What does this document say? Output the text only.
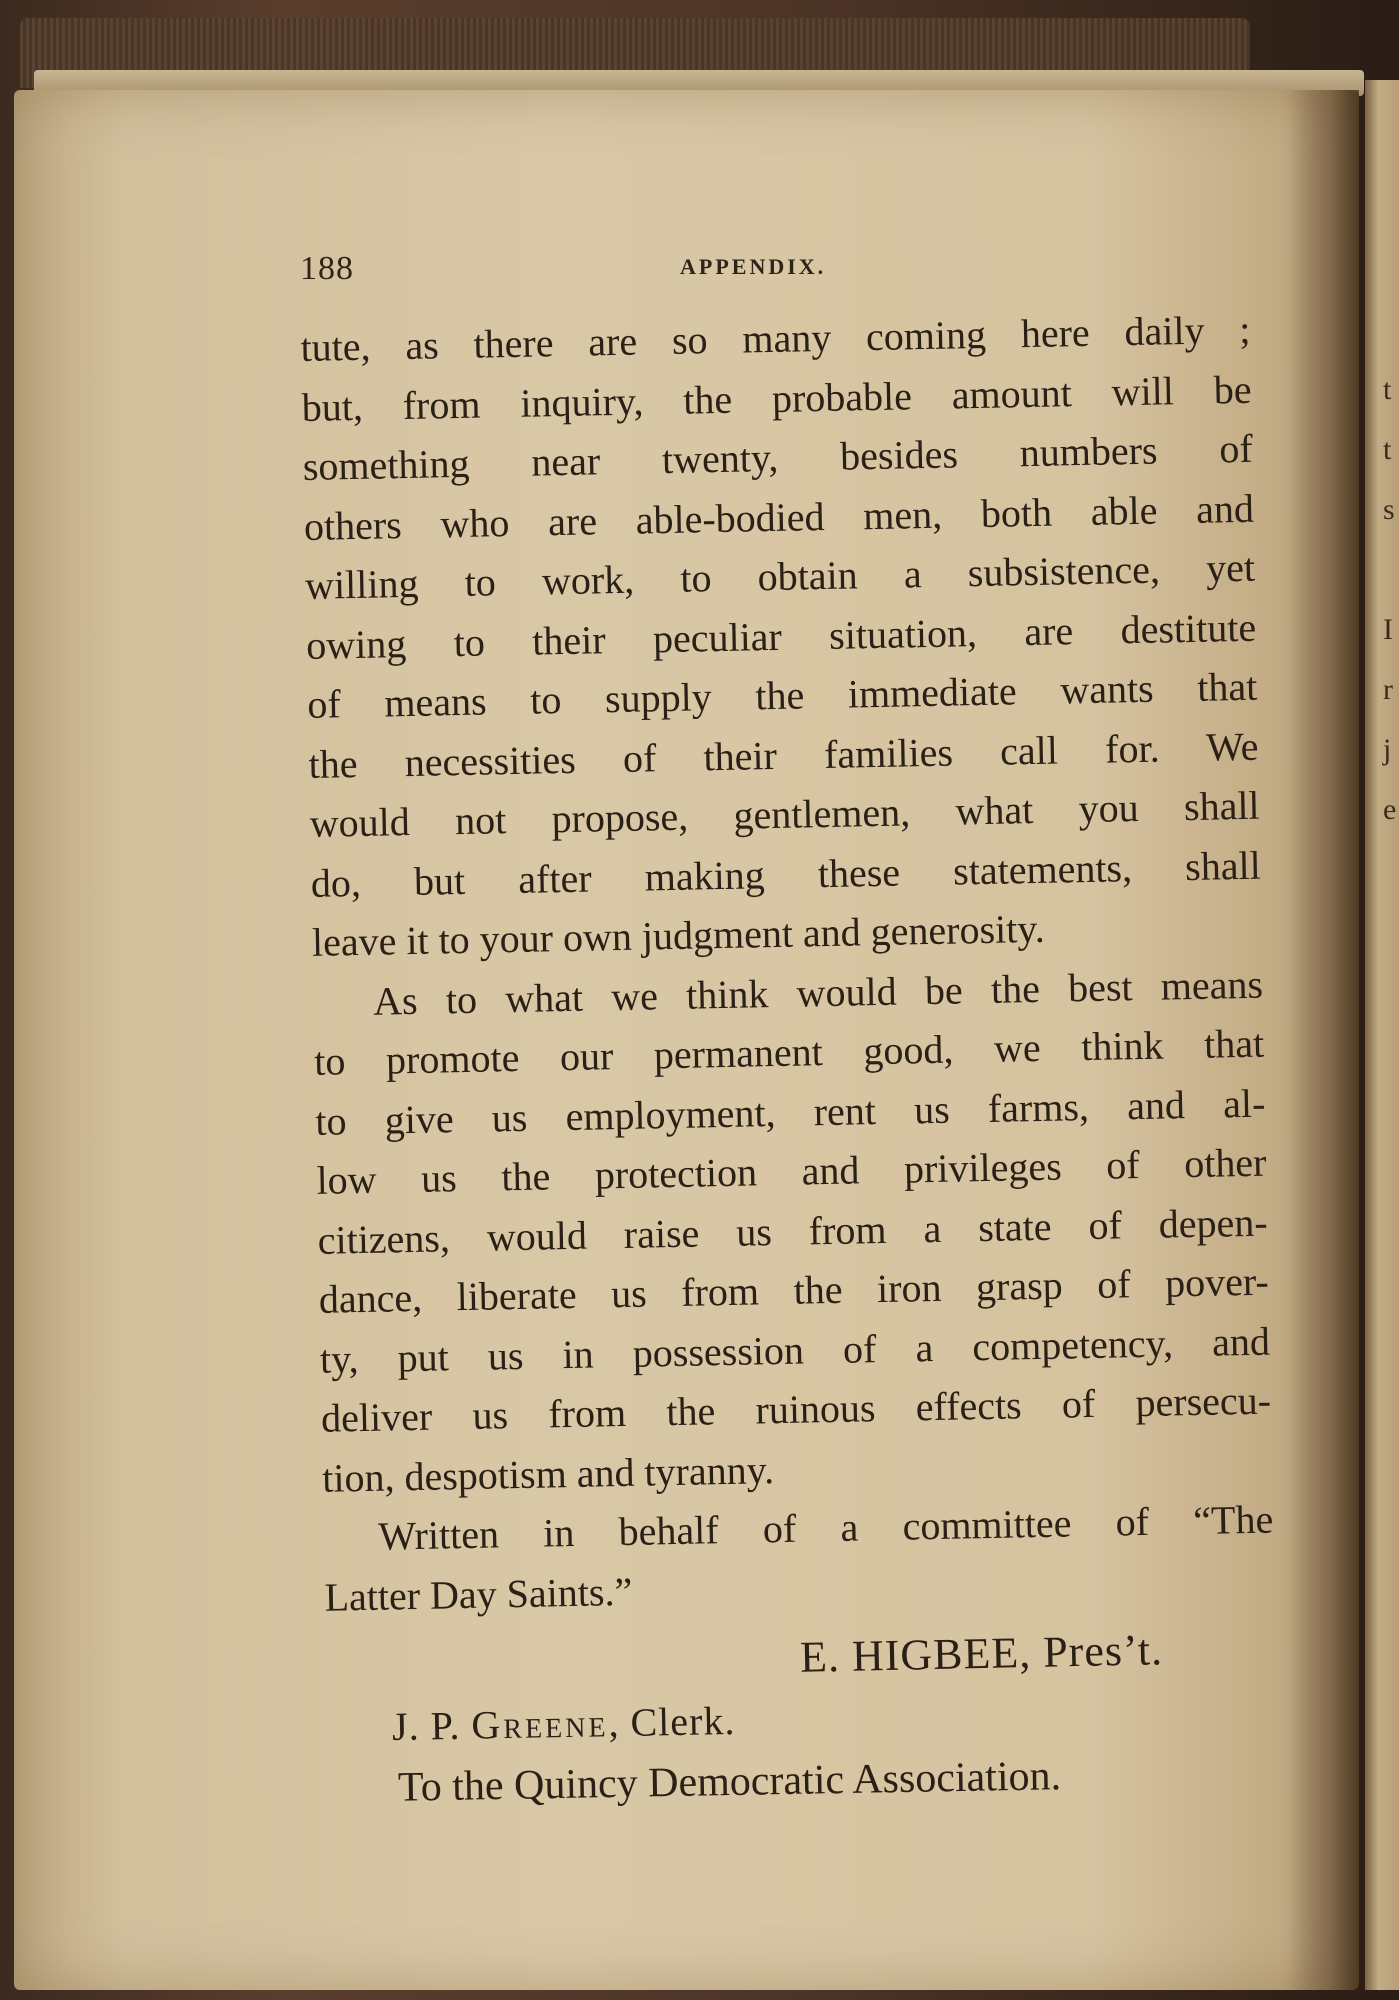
t
t
s
I
r
j
e
188	APPENDIX.
tute, as there are so many coming here daily ;
but, from inquiry, the probable amount will be
something near twenty, besides numbers of
others who are able-bodied men, both able and
willing to work, to obtain a subsistence, yet
owing to their peculiar situation, are destitute
of means to supply the immediate wants that
the necessities of their families call for. We
would not propose, gentlemen, what you shall
do, but after making these statements, shall
leave it to your own judgment and generosity.
As to what we think would be the best means
to promote our permanent good, we think that
to give us employment, rent us farms, and al-
low us the protection and privileges of other
citizens, would raise us from a state of depen-
dance, liberate us from the iron grasp of pover-
ty, put us in possession of a competency, and
deliver us from the ruinous effects of persecu-
tion, despotism and tyranny.
Written in behalf of a committee of “The
Latter Day Saints.”
E. HIGBEE, Pres’t.
J. P. Greene, Clerk.
To the Quincy Democratic Association.
